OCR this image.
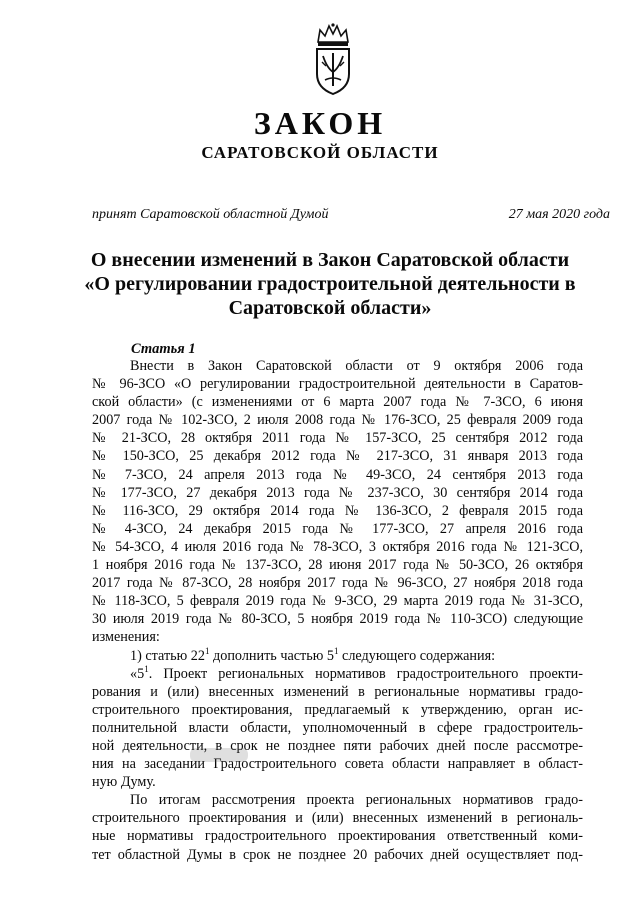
ЗАКОН
САРАТОВСКОЙ ОБЛАСТИ
принят Саратовской областной Думой	27 мая 2020 года
О внесении изменений в Закон Саратовской области
«О регулировании градостроительной деятельности в
Саратовской области»
Статья 1
Внести в Закон Саратовской области от 9 октября 2006 года
№ 96-ЗСО «О регулировании градостроительной деятельности в Саратов-
ской области» (с изменениями от 6 марта 2007 года № 7-ЗСО, 6 июня
2007 года № 102-ЗСО, 2 июля 2008 года № 176-ЗСО, 25 февраля 2009 года
№ 21-ЗСО, 28 октября 2011 года № 157-ЗСО, 25 сентября 2012 года
№ 150-ЗСО, 25 декабря 2012 года № 217-ЗСО, 31 января 2013 года
№ 7-ЗСО, 24 апреля 2013 года № 49-ЗСО, 24 сентября 2013 года
№ 177-ЗСО, 27 декабря 2013 года № 237-ЗСО, 30 сентября 2014 года
№ 116-ЗСО, 29 октября 2014 года № 136-ЗСО, 2 февраля 2015 года
№ 4-ЗСО, 24 декабря 2015 года № 177-ЗСО, 27 апреля 2016 года
№ 54-ЗСО, 4 июля 2016 года № 78-ЗСО, 3 октября 2016 года № 121-ЗСО,
1 ноября 2016 года № 137-ЗСО, 28 июня 2017 года № 50-ЗСО, 26 октября
2017 года № 87-ЗСО, 28 ноября 2017 года № 96-ЗСО, 27 ноября 2018 года
№ 118-ЗСО, 5 февраля 2019 года № 9-ЗСО, 29 марта 2019 года № 31-ЗСО,
30 июля 2019 года № 80-ЗСО, 5 ноября 2019 года № 110-ЗСО) следующие
изменения:
1) статью $22^1$ дополнить частью $5^1$ следующего содержания:
«$5^1$. Проект региональных нормативов градостроительного проекти-
рования и (или) внесенных изменений в региональные нормативы градо-
строительного проектирования, предлагаемый к утверждению, орган ис-
полнительной власти области, уполномоченный в сфере градостроитель-
ной деятельности, в срок не позднее пяти рабочих дней после рассмотре-
ния на заседании Градостроительного совета области направляет в област-
ную Думу.
По итогам рассмотрения проекта региональных нормативов градо-
строительного проектирования и (или) внесенных изменений в региональ-
ные нормативы градостроительного проектирования ответственный коми-
тет областной Думы в срок не позднее 20 рабочих дней осуществляет под-
